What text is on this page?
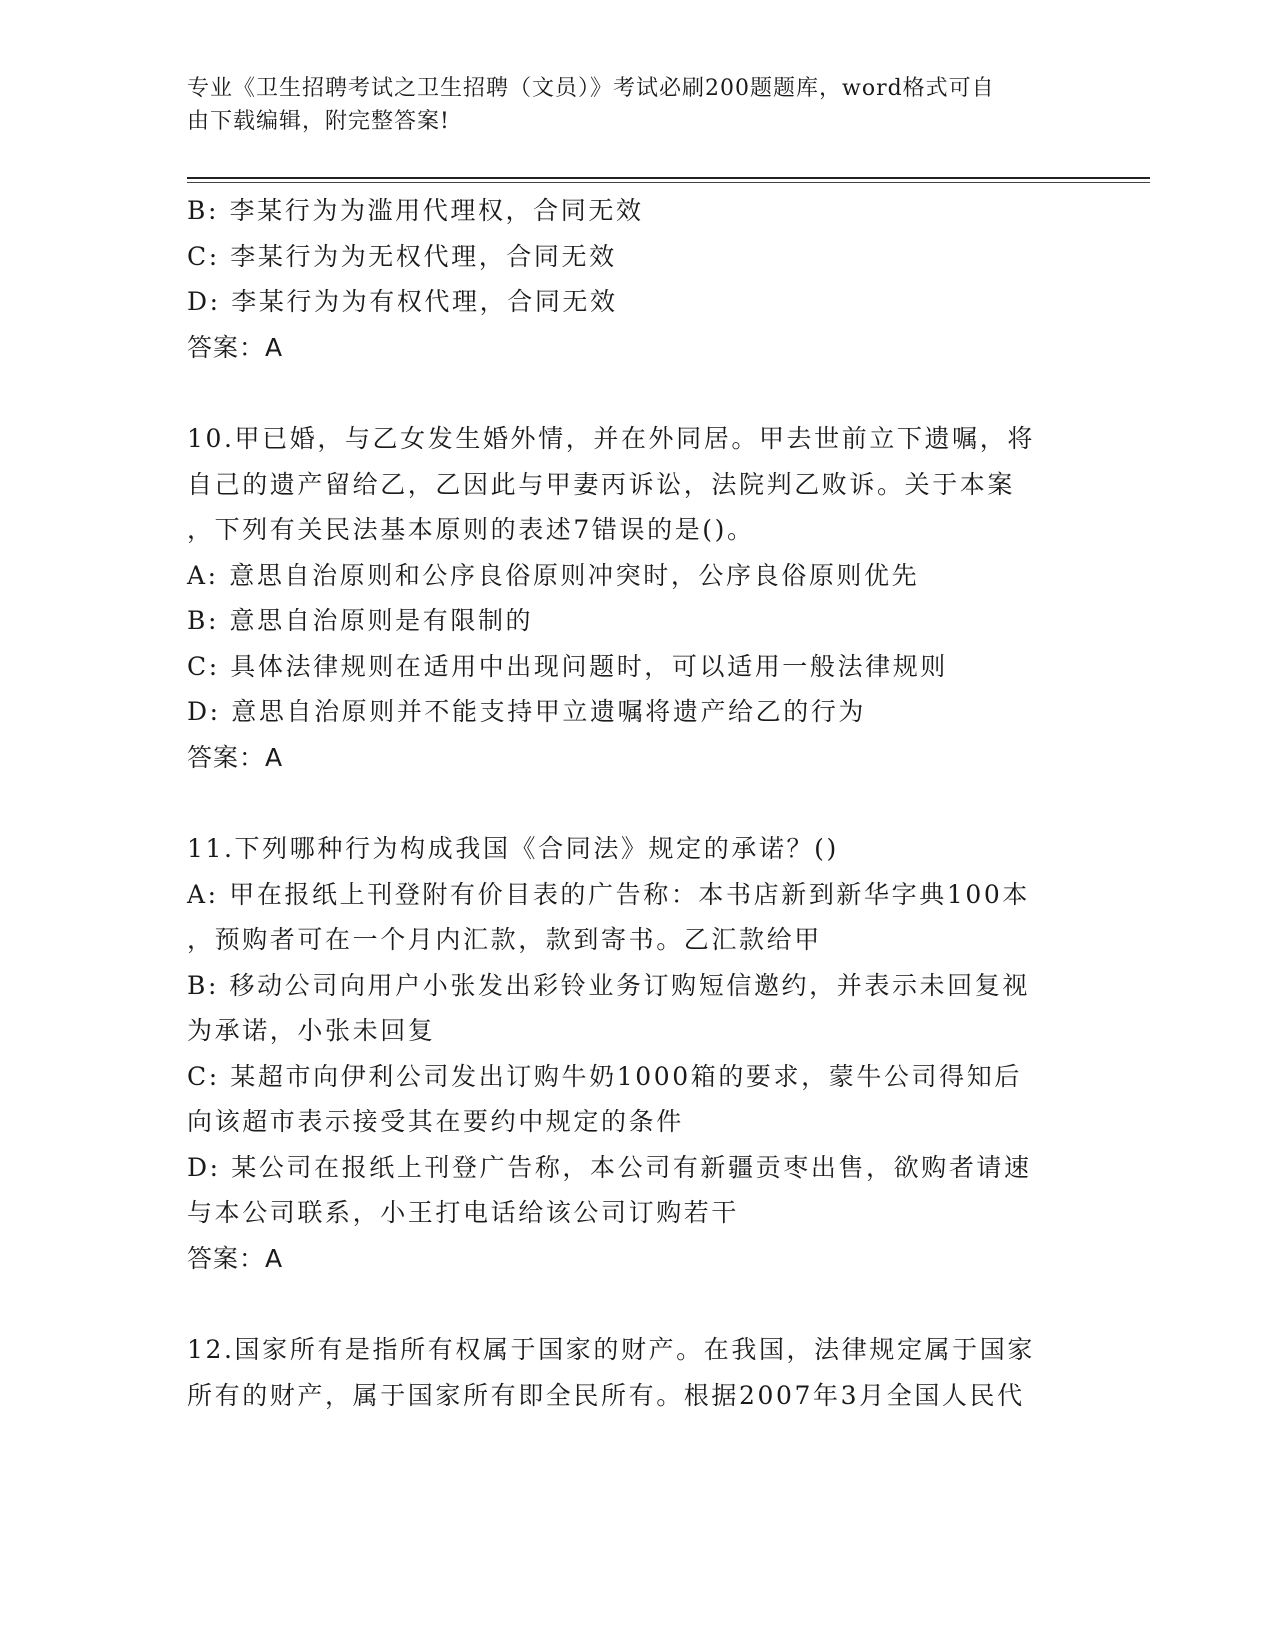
专业《卫生招聘考试之卫生招聘（文员）》考试必刷200题题库，word格式可自
由下载编辑，附完整答案!
B: 李某行为为滥用代理权，合同无效
C: 李某行为为无权代理，合同无效
D: 李某行为为有权代理，合同无效
答案：A
10.甲已婚，与乙女发生婚外情，并在外同居。甲去世前立下遗嘱，将
自己的遗产留给乙，乙因此与甲妻丙诉讼，法院判乙败诉。关于本案
，下列有关民法基本原则的表述7错误的是()。
A: 意思自治原则和公序良俗原则冲突时，公序良俗原则优先
B: 意思自治原则是有限制的
C: 具体法律规则在适用中出现问题时，可以适用一般法律规则
D: 意思自治原则并不能支持甲立遗嘱将遗产给乙的行为
答案：A
11.下列哪种行为构成我国《合同法》规定的承诺？()
A: 甲在报纸上刊登附有价目表的广告称：本书店新到新华字典100本
，预购者可在一个月内汇款，款到寄书。乙汇款给甲
B: 移动公司向用户小张发出彩铃业务订购短信邀约，并表示未回复视
为承诺，小张未回复
C: 某超市向伊利公司发出订购牛奶1000箱的要求，蒙牛公司得知后
向该超市表示接受其在要约中规定的条件
D: 某公司在报纸上刊登广告称，本公司有新疆贡枣出售，欲购者请速
与本公司联系，小王打电话给该公司订购若干
答案：A
12.国家所有是指所有权属于国家的财产。在我国，法律规定属于国家
所有的财产，属于国家所有即全民所有。根据2007年3月全国人民代
